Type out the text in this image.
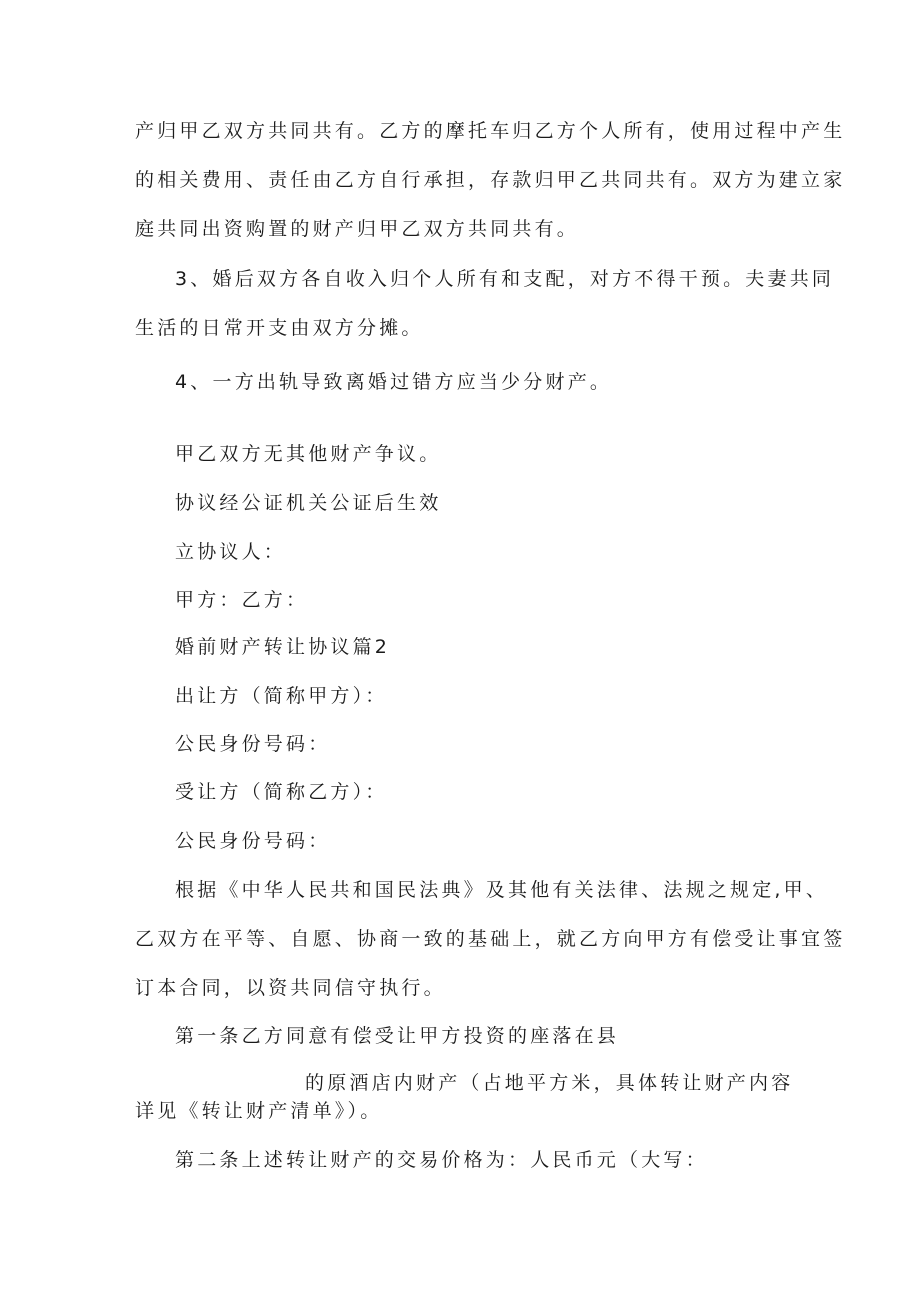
产归甲乙双方共同共有。乙方的摩托车归乙方个人所有，使用过程中产生

的相关费用、责任由乙方自行承担，存款归甲乙共同共有。双方为建立家

庭共同出资购置的财产归甲乙双方共同共有。

3、婚后双方各自收入归个人所有和支配，对方不得干预。夫妻共同

生活的日常开支由双方分摊。

4、一方出轨导致离婚过错方应当少分财产。

甲乙双方无其他财产争议。

协议经公证机关公证后生效

立协议人：

甲方：乙方：

婚前财产转让协议篇2

出让方（简称甲方）：

公民身份号码：

受让方（简称乙方）：

公民身份号码：

根据《中华人民共和国民法典》及其他有关法律、法规之规定,甲、

乙双方在平等、自愿、协商一致的基础上，就乙方向甲方有偿受让事宜签

订本合同，以资共同信守执行。

第一条乙方同意有偿受让甲方投资的座落在县

的原酒店内财产（占地平方米，具体转让财产内容

详见《转让财产清单》）。

第二条上述转让财产的交易价格为：人民币元（大写：
